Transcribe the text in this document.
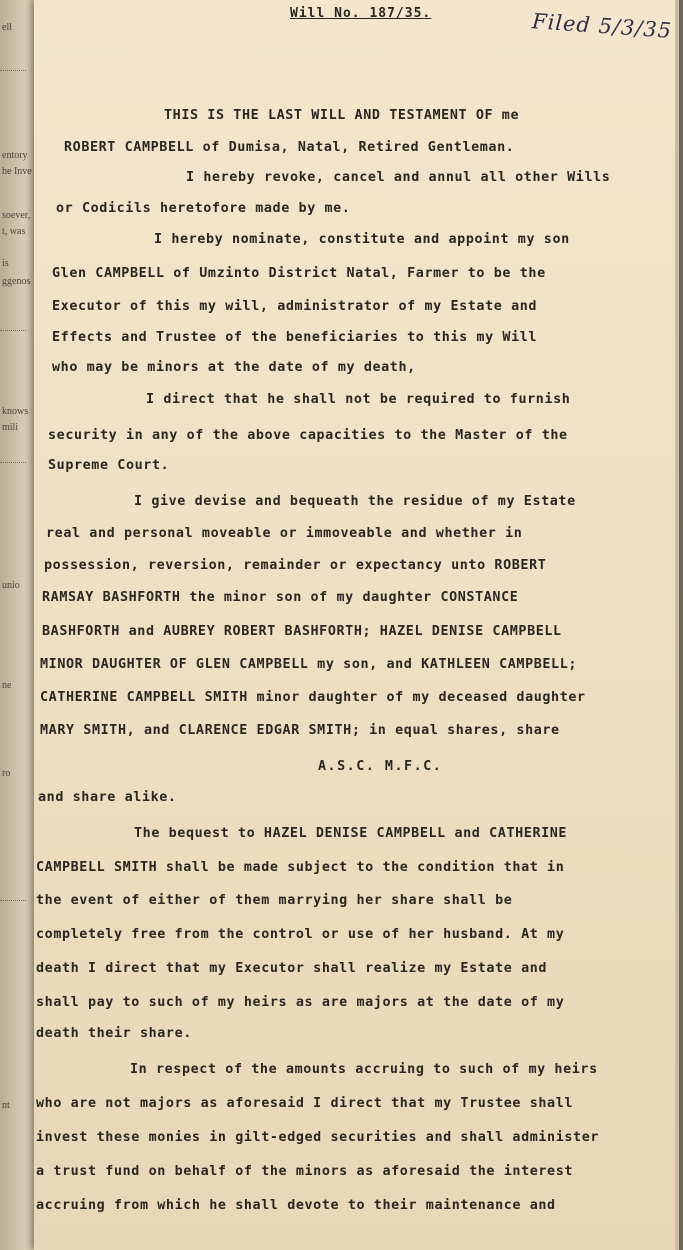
ell
entory
he Inve
soever,
t, was
is
ggenos
knows
mili
unio
ne
ro
nt
Will No. 187/35.	Filed 5/3/35
THIS IS THE LAST WILL AND TESTAMENT OF me
ROBERT CAMPBELL of Dumisa, Natal, Retired Gentleman.
I hereby revoke, cancel and annul all other Wills
or Codicils heretofore made by me.
I hereby nominate, constitute and appoint my son
Glen CAMPBELL of Umzinto District Natal, Farmer to be the
Executor of this my will, administrator of my Estate and
Effects and Trustee of the beneficiaries to this my Will
who may be minors at the date of my death,
I direct that he shall not be required to furnish
security in any of the above capacities to the Master of the
Supreme Court.
I give devise and bequeath the residue of my Estate
real and personal moveable or immoveable and whether in
possession, reversion, remainder or expectancy unto ROBERT
RAMSAY BASHFORTH the minor son of my daughter CONSTANCE
BASHFORTH and AUBREY ROBERT BASHFORTH; HAZEL DENISE CAMPBELL
MINOR DAUGHTER OF GLEN CAMPBELL my son, and KATHLEEN CAMPBELL;
CATHERINE CAMPBELL SMITH minor daughter of my deceased daughter
MARY SMITH, and CLARENCE EDGAR SMITH; in equal shares, share
A.S.C. M.F.C.
and share alike.
The bequest to HAZEL DENISE CAMPBELL and CATHERINE
CAMPBELL SMITH shall be made subject to the condition that in
the event of either of them marrying her share shall be
completely free from the control or use of her husband. At my
death I direct that my Executor shall realize my Estate and
shall pay to such of my heirs as are majors at the date of my
death their share.
In respect of the amounts accruing to such of my heirs
who are not majors as aforesaid I direct that my Trustee shall
invest these monies in gilt-edged securities and shall administer
a trust fund on behalf of the minors as aforesaid the interest
accruing from which he shall devote to their maintenance and
